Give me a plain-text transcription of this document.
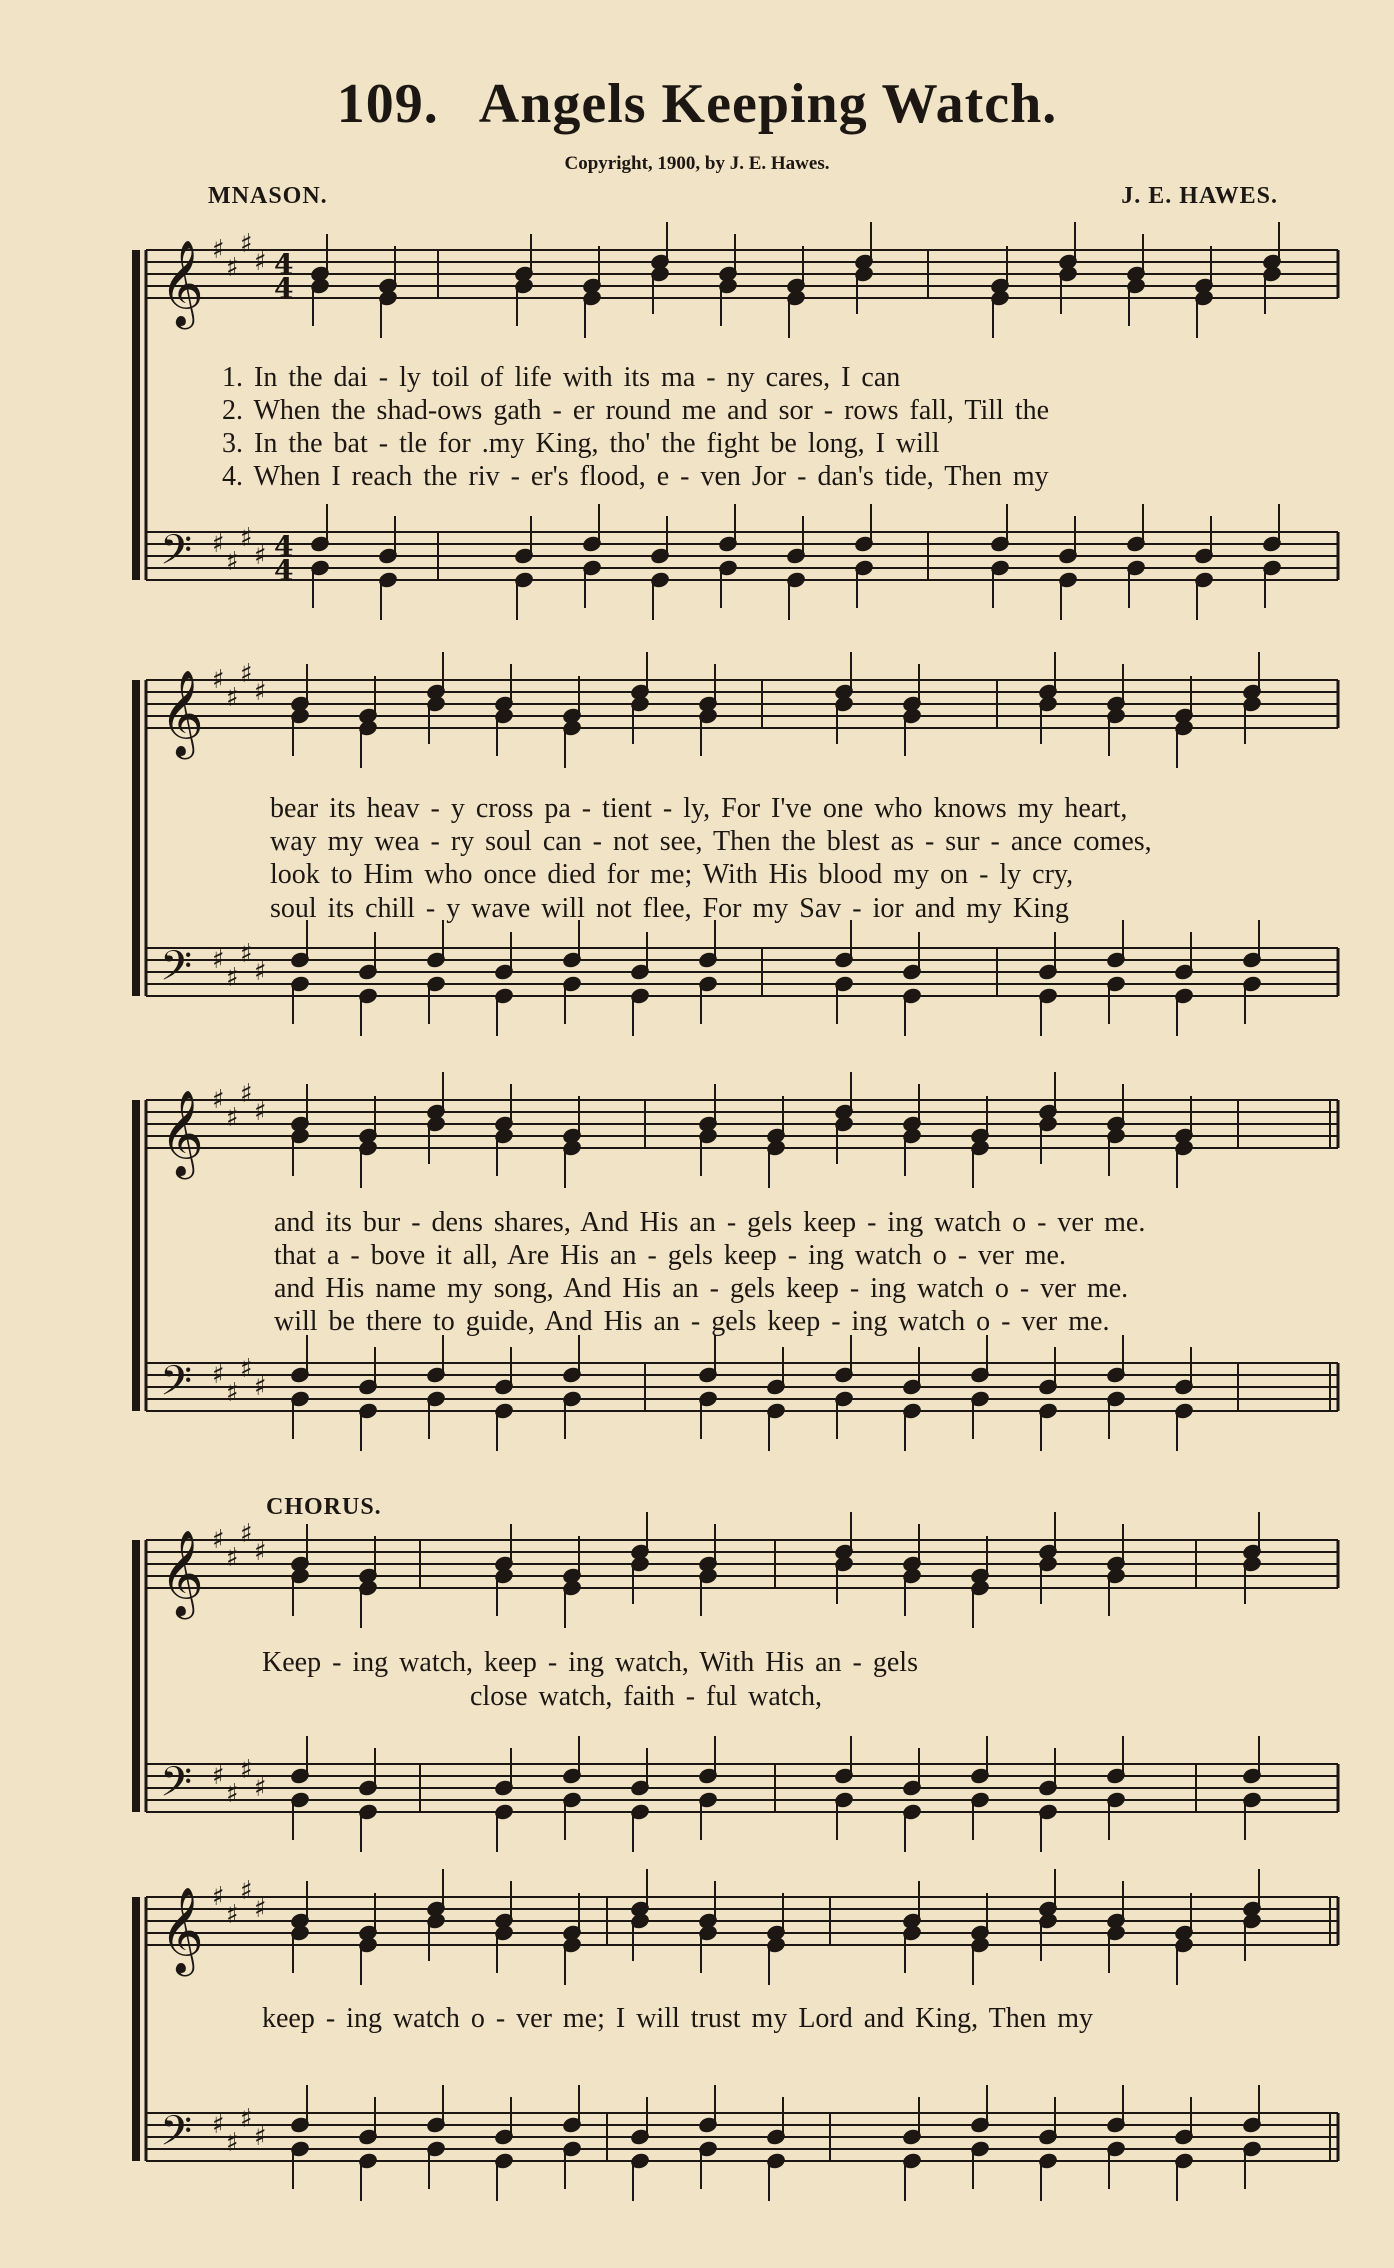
109. Angels Keeping Watch.
Copyright, 1900, by J. E. Hawes.
MNASON.	J. E. HAWES.
𝄞
𝄢
♯
♯
♯
♯
♯
♯
♯
♯
4
4
4
4
𝄞
𝄢
♯
♯
♯
♯
♯
♯
♯
♯
𝄞
𝄢
♯
♯
♯
♯
♯
♯
♯
♯
𝄞
𝄢
♯
♯
♯
♯
♯
♯
♯
♯
𝄞
𝄢
♯
♯
♯
♯
♯
♯
♯
♯
1. In the dai - ly toil of life with its ma - ny cares, I can
2. When the shad-ows gath - er round me and sor - rows fall, Till the
3. In the bat - tle for .my King, tho' the fight be long, I will
4. When I reach the riv - er's flood, e - ven Jor - dan's tide, Then my
bear its heav - y cross pa - tient - ly, For I've one who knows my heart,
way my wea - ry soul can - not see, Then the blest as - sur - ance comes,
look to Him who once died for me; With His blood my on - ly cry,
soul its chill - y wave will not flee, For my Sav - ior and my King
and its bur - dens shares, And His an - gels keep - ing watch o - ver me.
that a - bove it all, Are His an - gels keep - ing watch o - ver me.
and His name my song, And His an - gels keep - ing watch o - ver me.
will be there to guide, And His an - gels keep - ing watch o - ver me.
CHORUS.
Keep - ing watch, keep - ing watch, With His an - gels
close watch, faith - ful watch,
keep - ing watch o - ver me; I will trust my Lord and King, Then my
